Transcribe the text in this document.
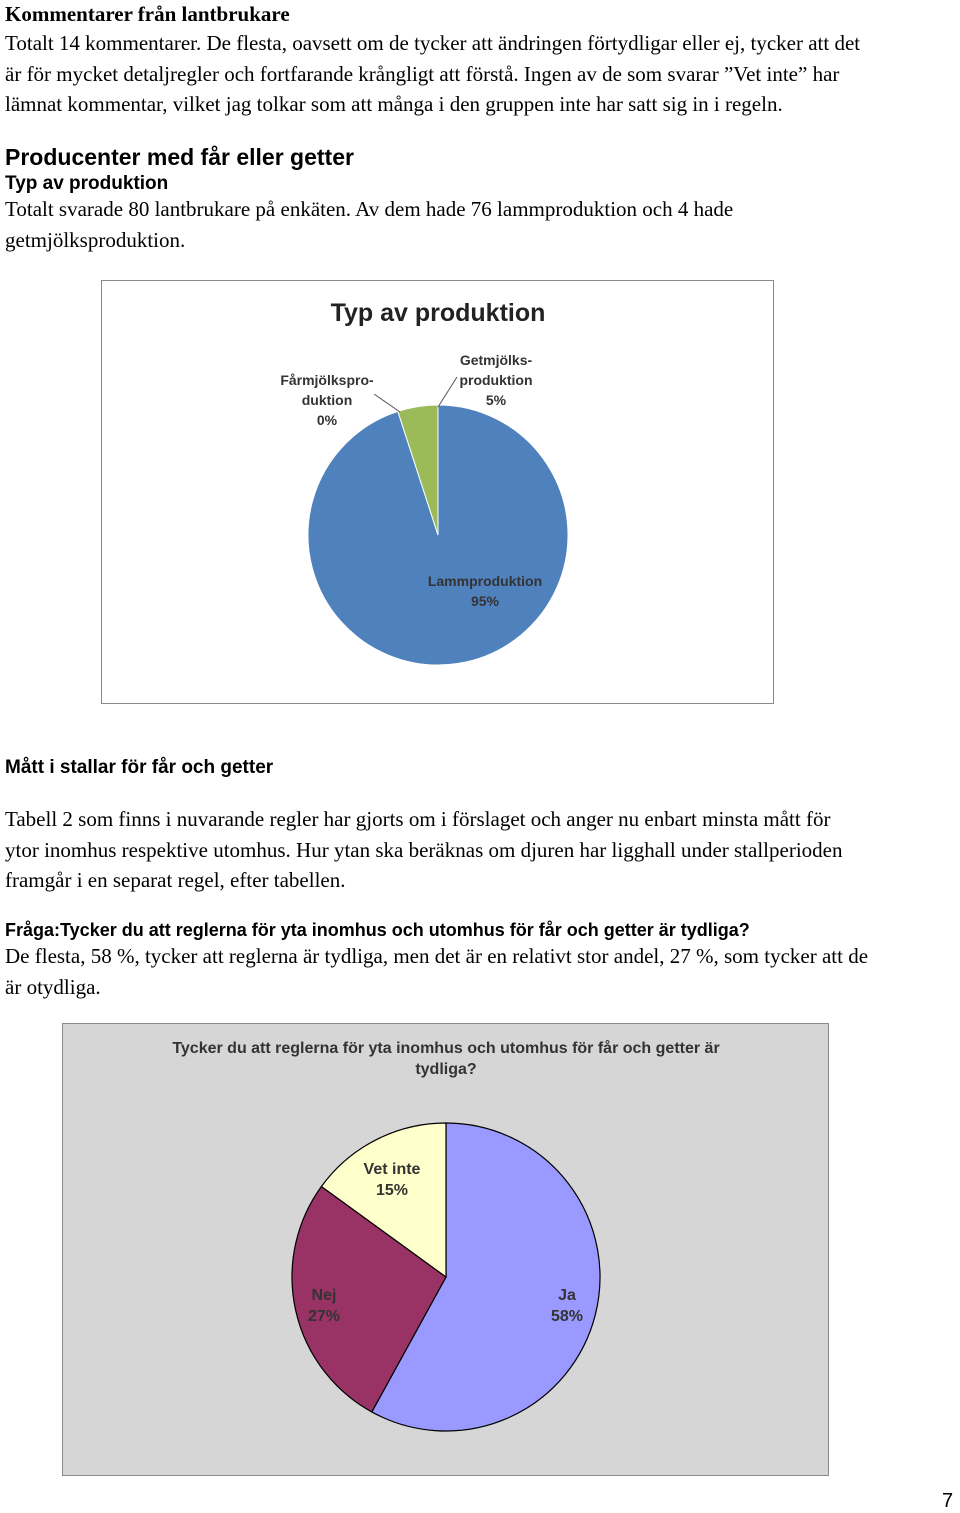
Kommentarer från lantbrukare
Totalt 14 kommentarer. De flesta, oavsett om de tycker att ändringen förtydligar eller ej, tycker att det
är för mycket detaljregler och fortfarande krångligt att förstå. Ingen av de som svarar ”Vet inte” har
lämnat kommentar, vilket jag tolkar som att många i den gruppen inte har satt sig in i regeln.
Producenter med får eller getter
Typ av produktion
Totalt svarade 80 lantbrukare på enkäten. Av dem hade 76 lammproduktion och 4 hade
getmjölksproduktion.
Typ av produktion
Lammproduktion 95%
Fårmjölkspro-duktion 0%
Getmjölks-produktion 5%
Mått i stallar för får och getter
Tabell 2 som finns i nuvarande regler har gjorts om i förslaget och anger nu enbart minsta mått för
ytor inomhus respektive utomhus. Hur ytan ska beräknas om djuren har ligghall under stallperioden
framgår i en separat regel, efter tabellen.
Fråga:Tycker du att reglerna för yta inomhus och utomhus för får och getter är tydliga?
De flesta, 58 %, tycker att reglerna är tydliga, men det är en relativt stor andel, 27 %, som tycker att de
är otydliga.
Tycker du att reglerna för yta inomhus och utomhus för får och getter är tydliga?
Ja 58%
Nej 27%
Vet inte 15%
7
